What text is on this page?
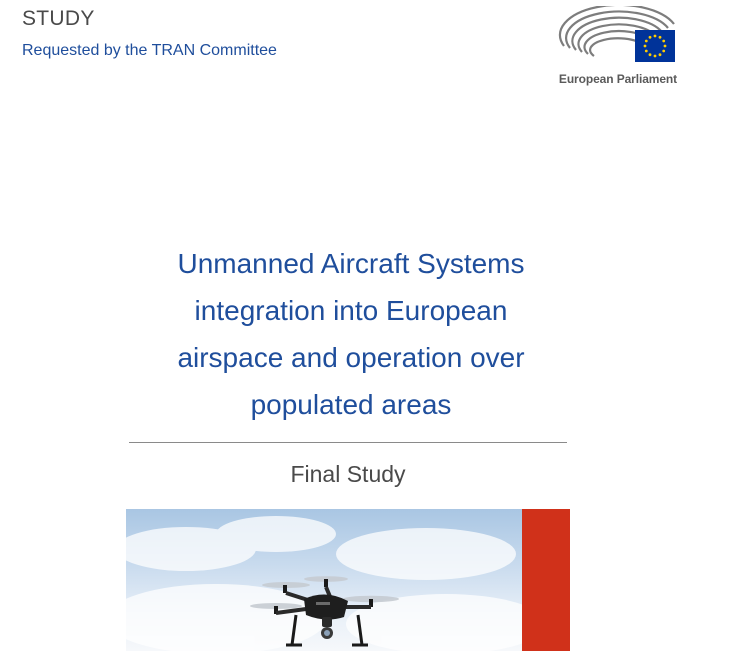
STUDY
Requested by the TRAN Committee
European Parliament
Unmanned Aircraft Systems
integration into European
airspace and operation over
populated areas
Final Study
